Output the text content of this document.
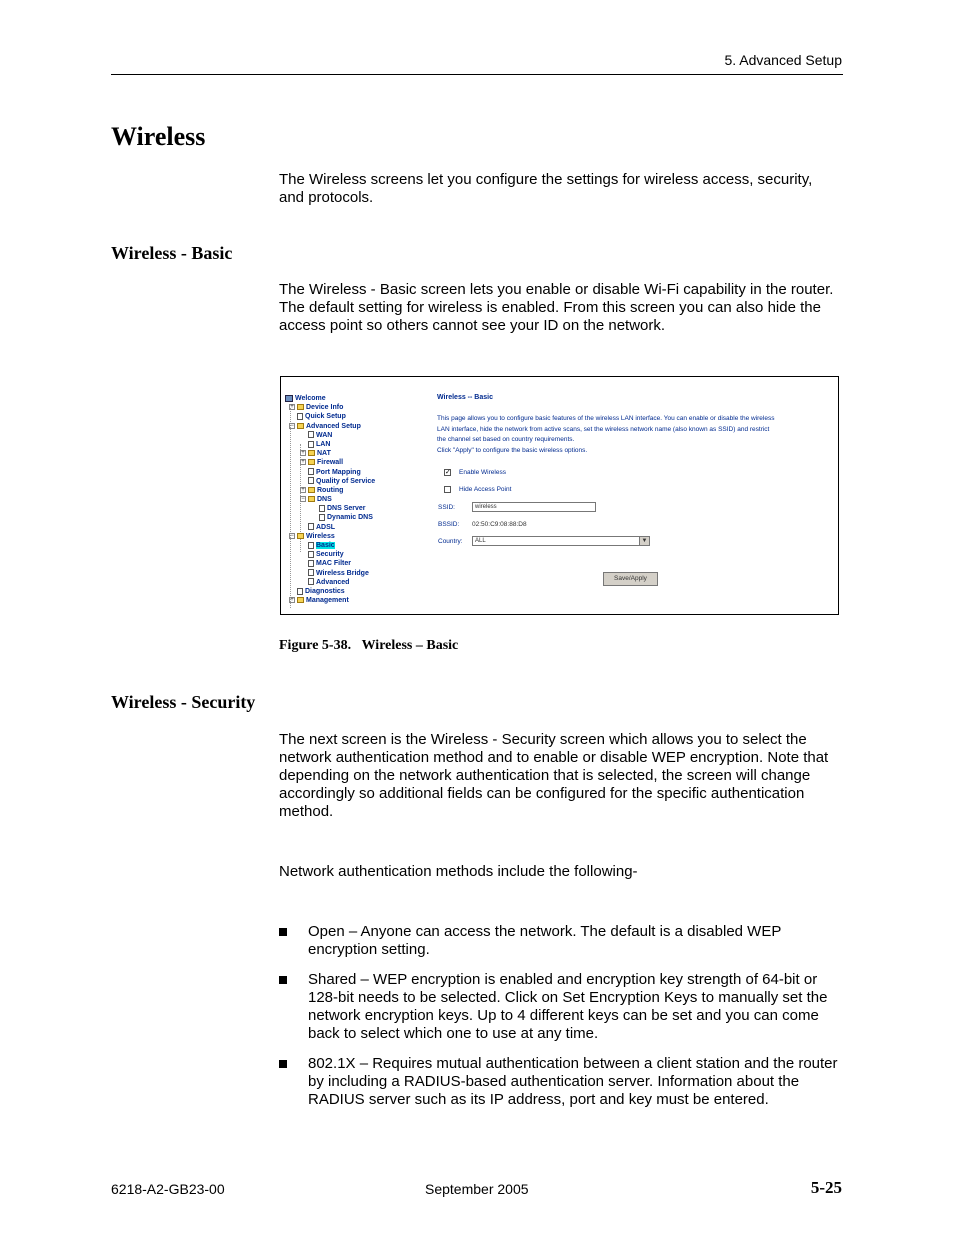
5. Advanced Setup
Wireless

The Wireless screens let you configure the settings for wireless access, security, and protocols.

Wireless - Basic

The Wireless - Basic screen lets you enable or disable Wi-Fi capability in the router. The default setting for wireless is enabled. From this screen you can also hide the access point so others cannot see your ID on the network.

Welcome
+ Device Info
Quick Setup
− Advanced Setup
WAN
LAN
+ NAT
+ Firewall
Port Mapping
Quality of Service
+ Routing
− DNS
DNS Server
Dynamic DNS
ADSL
− Wireless
Basic
Security
MAC Filter
Wireless Bridge
Advanced
Diagnostics
+ Management
Wireless -- Basic
This page allows you to configure basic features of the wireless LAN interface. You can enable or disable the wireless
LAN interface, hide the network from active scans, set the wireless network name (also known as SSID) and restrict
the channel set based on country requirements.
Click "Apply" to configure the basic wireless options.
✓ Enable Wireless
Hide Access Point
SSID:	wireless
BSSID: 02:50:C9:08:88:D8
Country:	ALL	▼
Save/Apply
Figure 5-38.   Wireless – Basic
Wireless - Security

The next screen is the Wireless - Security screen which allows you to select the network authentication method and to enable or disable WEP encryption. Note that depending on the network authentication that is selected, the screen will change accordingly so additional fields can be configured for the specific authentication method.

Network authentication methods include the following-

Open – Anyone can access the network. The default is a disabled WEP encryption setting.
Shared – WEP encryption is enabled and encryption key strength of 64-bit or 128-bit needs to be selected. Click on Set Encryption Keys to manually set the network encryption keys. Up to 4 different keys can be set and you can come back to select which one to use at any time.
802.1X – Requires mutual authentication between a client station and the router by including a RADIUS-based authentication server. Information about the RADIUS server such as its IP address, port and key must be entered.
6218-A2-GB23-00	September 2005	5-25
